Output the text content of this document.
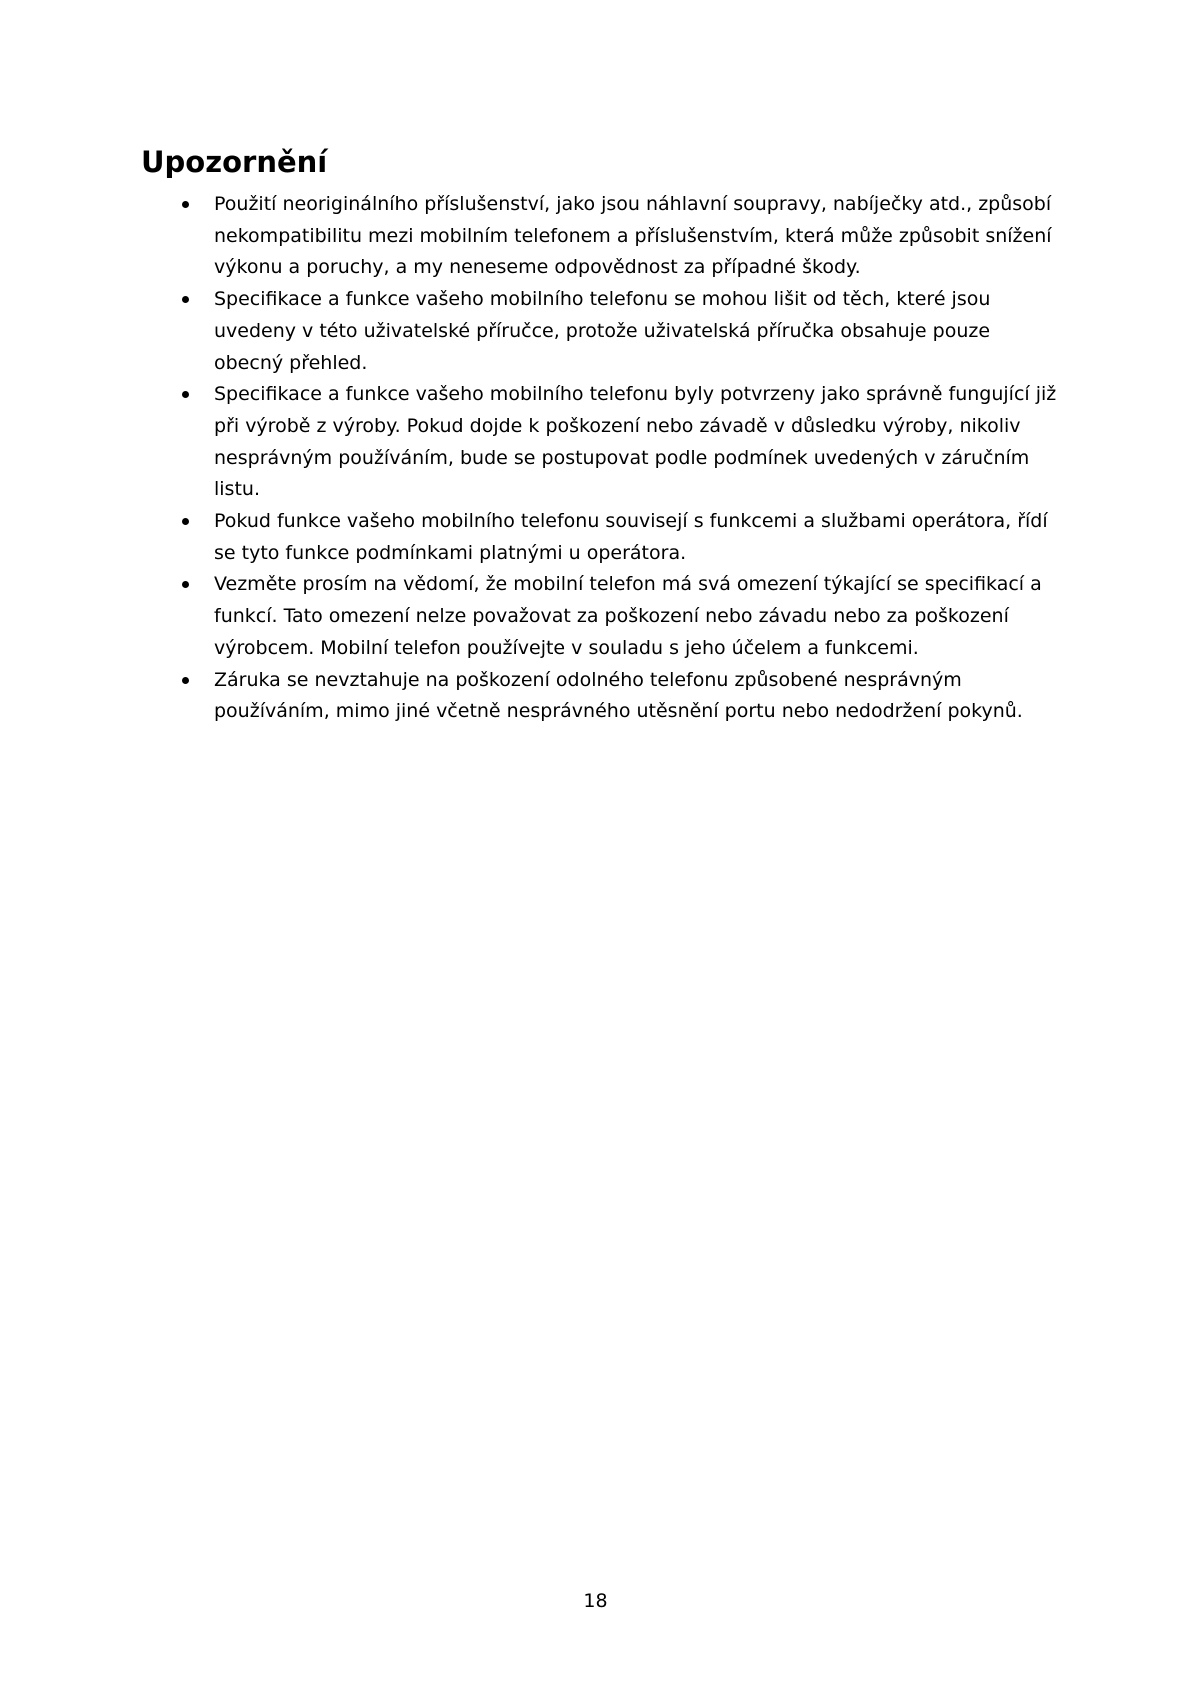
Upozornění
Použití neoriginálního příslušenství, jako jsou náhlavní soupravy, nabíječky atd., způsobí nekompatibilitu mezi mobilním telefonem a příslušenstvím, která může způsobit snížení výkonu a poruchy, a my neneseme odpovědnost za případné škody.
Specifikace a funkce vašeho mobilního telefonu se mohou lišit od těch, které jsou uvedeny v této uživatelské příručce, protože uživatelská příručka obsahuje pouze obecný přehled.
Specifikace a funkce vašeho mobilního telefonu byly potvrzeny jako správně fungující již při výrobě z výroby. Pokud dojde k poškození nebo závadě v důsledku výroby, nikoliv nesprávným používáním, bude se postupovat podle podmínek uvedených v záručním listu.
Pokud funkce vašeho mobilního telefonu souvisejí s funkcemi a službami operátora, řídí se tyto funkce podmínkami platnými u operátora.
Vezměte prosím na vědomí, že mobilní telefon má svá omezení týkající se specifikací a funkcí. Tato omezení nelze považovat za poškození nebo závadu nebo za poškození výrobcem. Mobilní telefon používejte v souladu s jeho účelem a funkcemi.
Záruka se nevztahuje na poškození odolného telefonu způsobené nesprávným používáním, mimo jiné včetně nesprávného utěsnění portu nebo nedodržení pokynů.
18
